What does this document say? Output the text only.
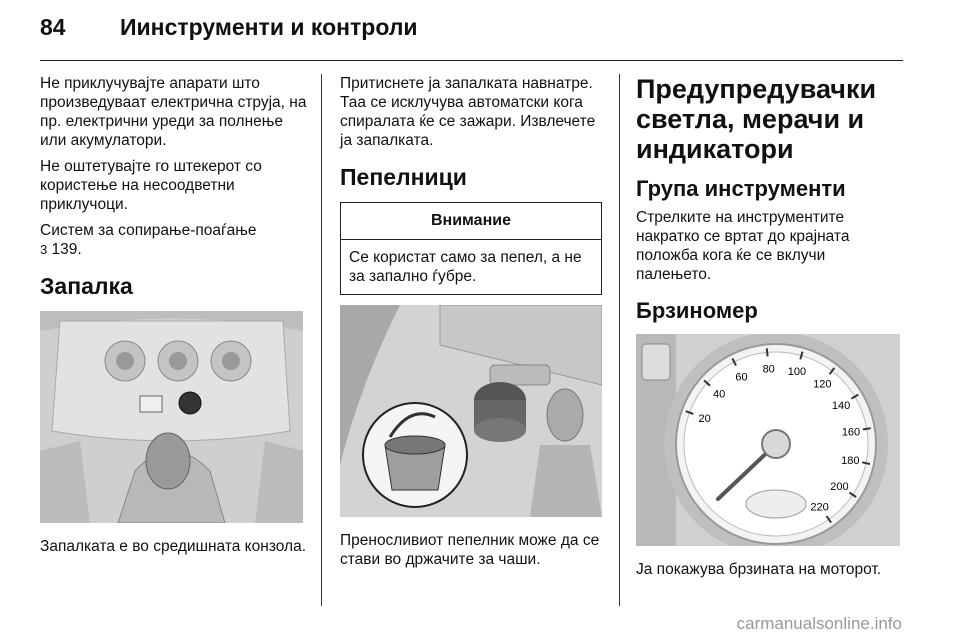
84 Иинструменти и контроли

Не приклучувајте апарати што произведуваат електрична струја, на пр. електрични уреди за полнење или акумулатори.

Не оштетувајте го штекерот со користење на несоодветни приклучоци.

Систем за сопирање-поаѓање
3 139.

Запалка

Запалката е во средишната конзола.

Притиснете ја запалката навнатре. Таа се исклучува автоматски кога спиралата ќе се зажари. Извлечете ја запалката.

Пепелници
Внимание
Се користат само за пепел, а не за запално ѓубре.

Преносливиот пепелник може да се стави во држачите за чаши.

Предупредувачки светла, мерачи и индикатори
Група инструменти

Стрелките на инструментите накратко се вртат до крајната положба кога ќе се вклучи палењето.

Брзиномер
20
40
60
80 100
120
140
160
180
200
220

Ја покажува брзината на моторот.

carmanualsonline.info
